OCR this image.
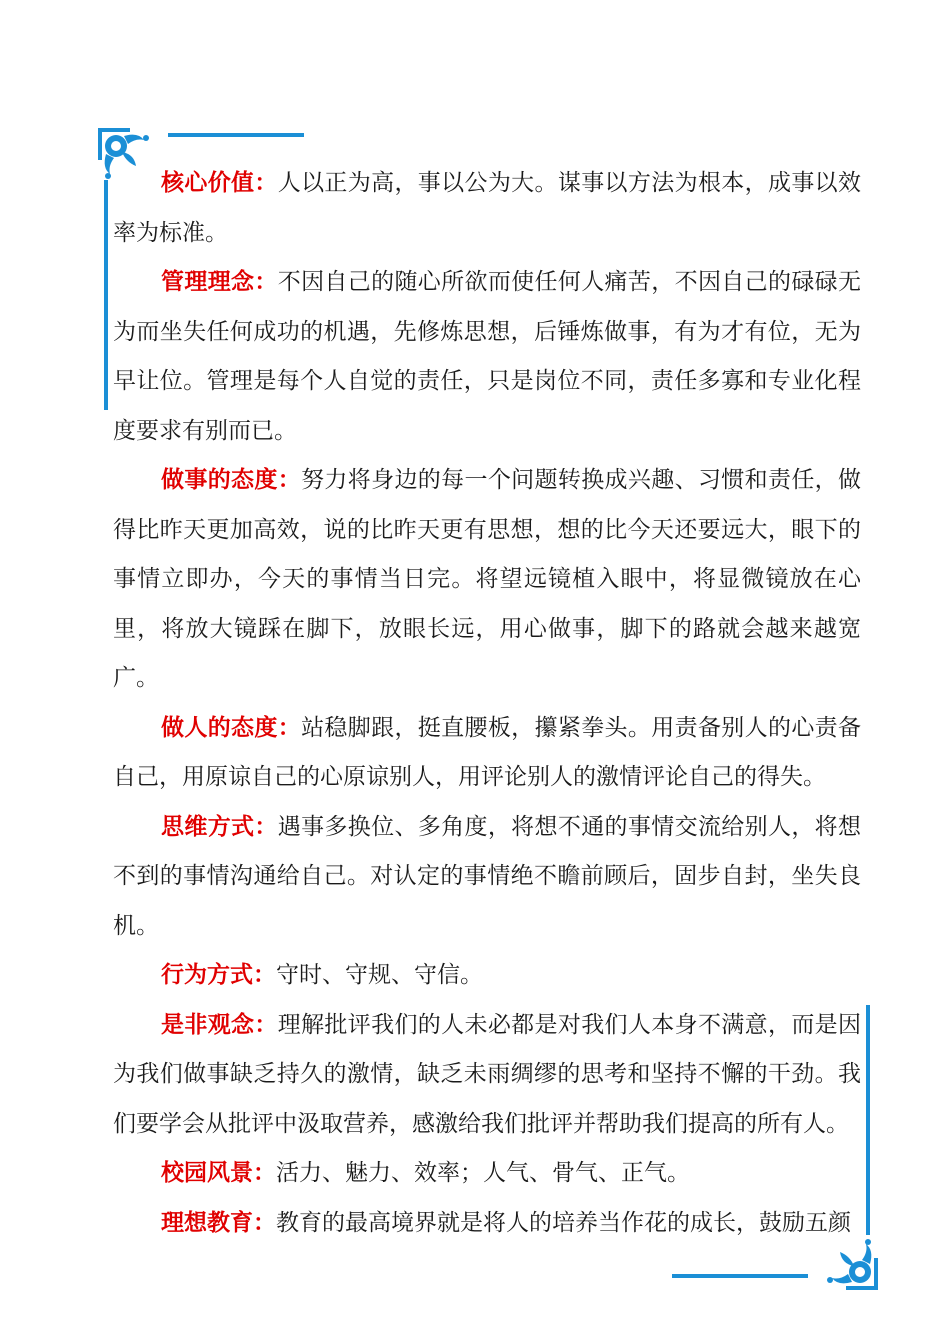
核心价值：人以正为高，事以公为大。谋事以方法为根本，成事以效率为标准。

管理理念：不因自己的随心所欲而使任何人痛苦，不因自己的碌碌无为而坐失任何成功的机遇，先修炼思想，后锤炼做事，有为才有位，无为早让位。管理是每个人自觉的责任，只是岗位不同，责任多寡和专业化程度要求有别而已。

做事的态度：努力将身边的每一个问题转换成兴趣、习惯和责任，做得比昨天更加高效，说的比昨天更有思想，想的比今天还要远大，眼下的事情立即办，今天的事情当日完。将望远镜植入眼中，将显微镜放在心里，将放大镜踩在脚下，放眼长远，用心做事，脚下的路就会越来越宽广。

做人的态度：站稳脚跟，挺直腰板，攥紧拳头。用责备别人的心责备自己，用原谅自己的心原谅别人，用评论别人的激情评论自己的得失。

思维方式：遇事多换位、多角度，将想不通的事情交流给别人，将想不到的事情沟通给自己。对认定的事情绝不瞻前顾后，固步自封，坐失良机。

行为方式：守时、守规、守信。

是非观念：理解批评我们的人未必都是对我们人本身不满意，而是因为我们做事缺乏持久的激情，缺乏未雨绸缪的思考和坚持不懈的干劲。我们要学会从批评中汲取营养，感激给我们批评并帮助我们提高的所有人。

校园风景：活力、魅力、效率；人气、骨气、正气。

理想教育：教育的最高境界就是将人的培养当作花的成长，鼓励五颜
